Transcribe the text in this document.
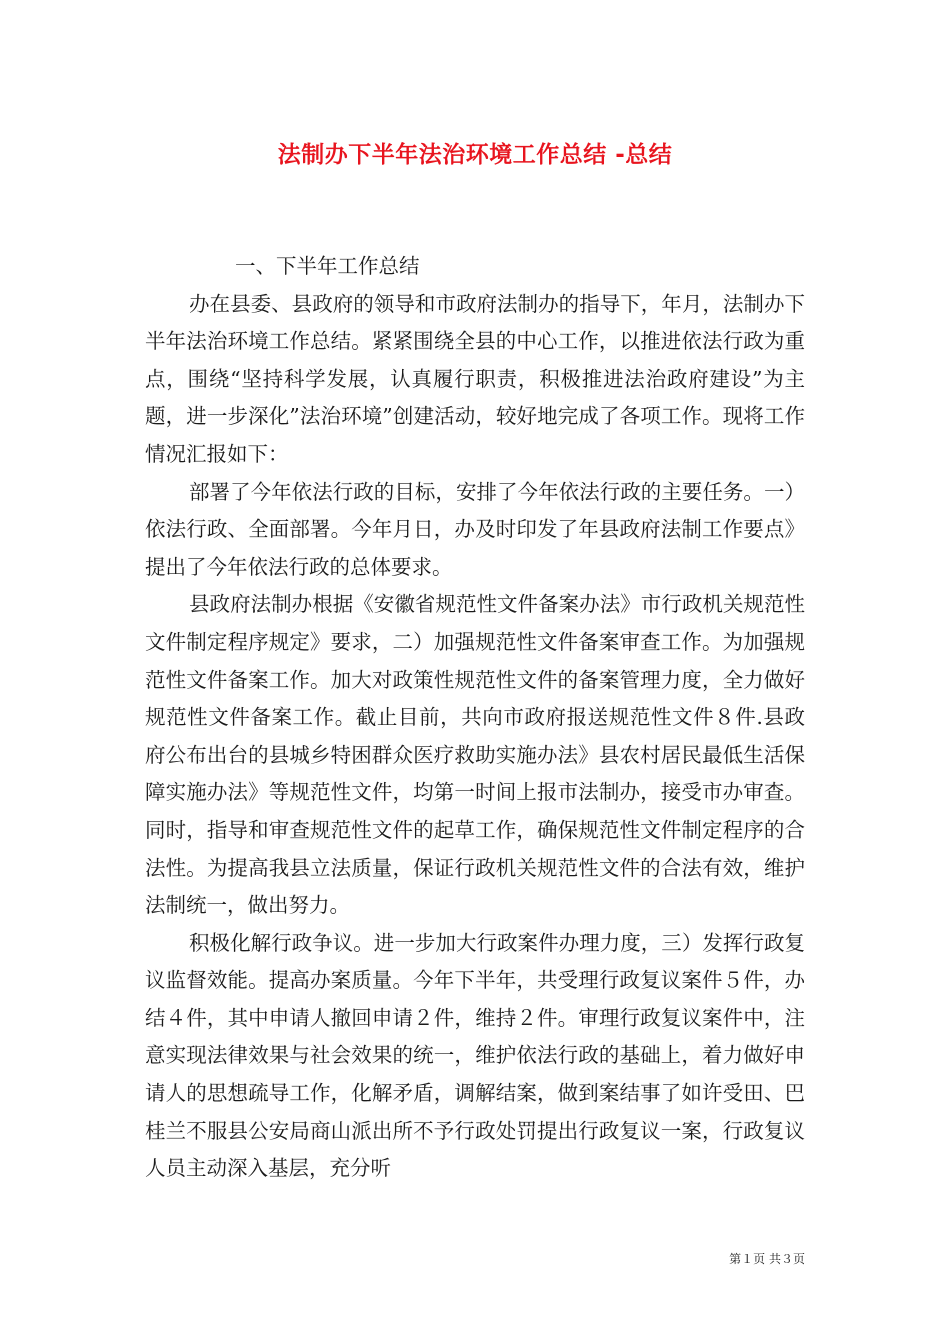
法制办下半年法治环境工作总结 -总结

一、下半年工作总结

办在县委、县政府的领导和市政府法制办的指导下，年月，法制办下半年法治环境工作总结。紧紧围绕全县的中心工作，以推进依法行政为重点，围绕“坚持科学发展，认真履行职责，积极推进法治政府建设”为主题，进一步深化”法治环境”创建活动，较好地完成了各项工作。现将工作情况汇报如下：

部署了今年依法行政的目标，安排了今年依法行政的主要任务。一）依法行政、全面部署。今年月日，办及时印发了年县政府法制工作要点》提出了今年依法行政的总体要求。

县政府法制办根据《安徽省规范性文件备案办法》市行政机关规范性文件制定程序规定》要求，二）加强规范性文件备案审查工作。为加强规范性文件备案工作。加大对政策性规范性文件的备案管理力度，全力做好规范性文件备案工作。截止目前，共向市政府报送规范性文件８件.县政府公布出台的县城乡特困群众医疗救助实施办法》县农村居民最低生活保障实施办法》等规范性文件，均第一时间上报市法制办，接受市办审查。同时，指导和审查规范性文件的起草工作，确保规范性文件制定程序的合法性。为提高我县立法质量，保证行政机关规范性文件的合法有效，维护法制统一，做出努力。

积极化解行政争议。进一步加大行政案件办理力度，三）发挥行政复议监督效能。提高办案质量。今年下半年，共受理行政复议案件５件，办结４件，其中申请人撤回申请２件，维持２件。审理行政复议案件中，注意实现法律效果与社会效果的统一，维护依法行政的基础上，着力做好申请人的思想疏导工作，化解矛盾，调解结案，做到案结事了如许受田、巴桂兰不服县公安局商山派出所不予行政处罚提出行政复议一案，行政复议人员主动深入基层，充分听

第１页 共３页
